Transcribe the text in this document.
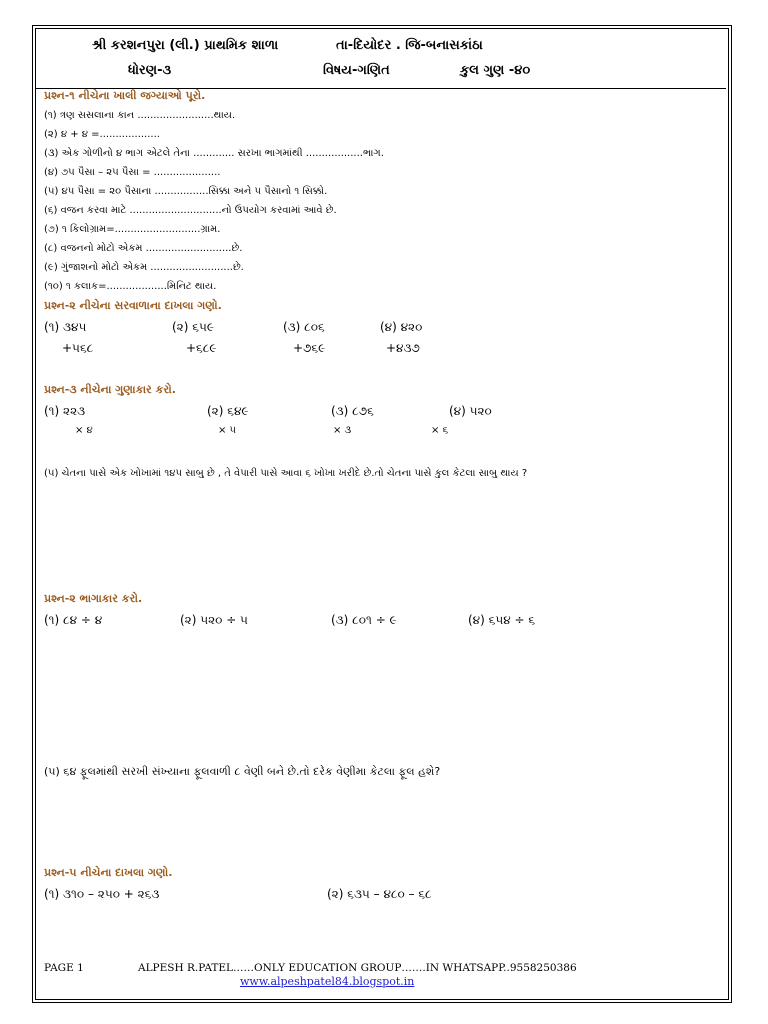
શ્રી કરશનપુરા (લી.) પ્રાથમિક શાળા	તા-દિયોદર . જિ-બનાસકાંઠા
ધોરણ-૩	વિષય-ગણિત	કુલ ગુણ -૪૦
પ્રશ્ન-૧ નીચેના ખાલી જગ્યાઓ પૂરો.
(૧) ત્રણ સસલાના કાન ........................થાય.
(૨) ૪ + ૪ =...................
(૩) એક ગોળીનો ૪ ભાગ એટલે તેના ............. સરખા ભાગમાંથી ..................ભાગ.
(૪) ૭૫ પૈસા – ૨૫ પૈસા = .....................
(૫) ૪૫ પૈસા = ૨૦ પૈસાના .................સિક્કા અને ૫ પૈસાનો ૧ સિક્કો.
(૬) વજન કરવા માટે .............................નો ઉપયોગ કરવામાં આવે છે.
(૭) ૧ કિલોગ્રામ=...........................ગ્રામ.
(૮) વજનનો મોટો એકમ ...........................છે.
(૯) ગુંજાશનો મોટો એકમ ..........................છે.
(૧૦) ૧ કલાક=...................મિનિટ થાય.
પ્રશ્ન-૨ નીચેના સરવાળાના દાખલા ગણો.
(૧) ૩૪૫	(૨) ૬૫૯	(૩) ૮૦૬	(૪) ૪૨૦
+૫૬૮	+૬૮૯	+૭૬૯	+૪૩૭
પ્રશ્ન-૩ નીચેના ગુણાકાર કરો.
(૧) ૨૨૩	(૨) ૬૪૯	(૩) ૮૭૬	(૪) ૫૨૦
× ૪	× ૫	× ૩	× ૬
(૫) ચેતના પાસે એક ખોખામાં ૧૪૫ સાબુ છે , તે વેપારી પાસે આવા ૬ ખોખા ખરીદે છે.તો ચેતના પાસે કુલ કેટલા સાબુ થાય ?
પ્રશ્ન-૨ ભાગાકાર કરો.
(૧) ૮૪ ÷ ૪	(૨) ૫૨૦ ÷ ૫	(૩) ૮૦૧ ÷ ૯	(૪) ૬૫૪ ÷ ૬
(૫) ૬૪ ફૂલમાંથી સરખી સંખ્યાના ફૂલવાળી ૮ વેણી બને છે.તો દરેક વેણીમા કેટલા ફૂલ હશે?
પ્રશ્ન-૫ નીચેના દાખલા ગણો.
(૧) ૩૧૦ – ૨૫૦ + ૨૬૩	(૨) ૬૩૫ – ૪૮૦ – ૬૮
PAGE 1	ALPESH R.PATEL……ONLY EDUCATION GROUP…….IN WHATSAPP..9558250386
www.alpeshpatel84.blogspot.in
